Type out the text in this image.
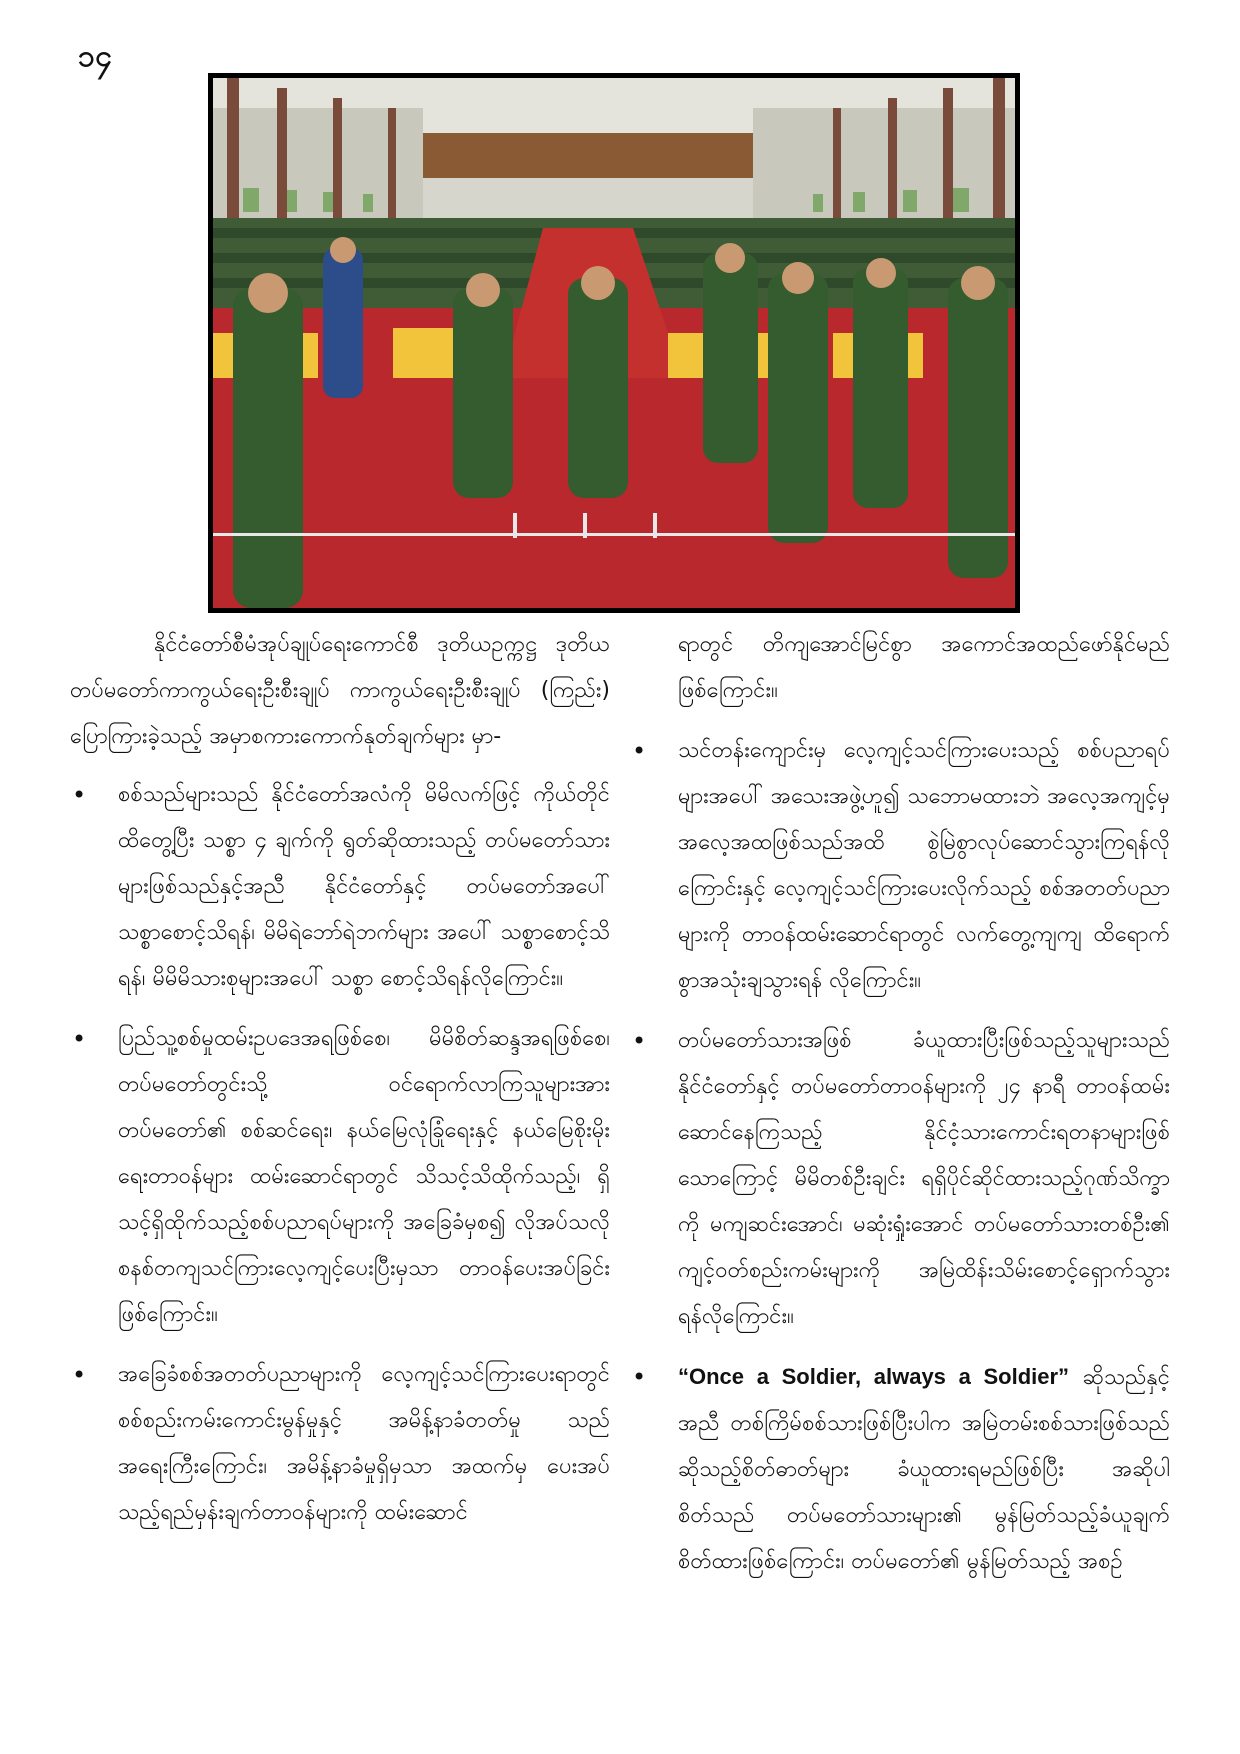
၁၄

နိုင်ငံတော်စီမံအုပ်ချုပ်ရေးကောင်စီ ဒုတိယဥက္ကဋ္ဌ ဒုတိယတပ်မတော်ကာကွယ်ရေးဦးစီးချုပ် ကာကွယ်ရေးဦးစီးချုပ် (ကြည်း) ပြောကြားခဲ့သည့် အမှာစကားကောက်နုတ်ချက်များ မှာ-

• စစ်သည်များသည် နိုင်ငံတော်အလံကို မိမိလက်ဖြင့် ကိုယ်တိုင်ထိတွေ့ပြီး သစ္စာ ၄ ချက်ကို ရွတ်ဆိုထားသည့် တပ်မတော်သားများဖြစ်သည်နှင့်အညီ နိုင်ငံတော်နှင့် တပ်မတော်အပေါ် သစ္စာစောင့်သိရန်၊ မိမိရဲဘော်ရဲဘက်များ အပေါ် သစ္စာစောင့်သိရန်၊ မိမိမိသားစုများအပေါ် သစ္စာ စောင့်သိရန်လိုကြောင်း။

• ပြည်သူ့စစ်မှုထမ်းဥပဒေအရဖြစ်စေ၊ မိမိစိတ်ဆန္ဒအရဖြစ်စေ၊ တပ်မတော်တွင်းသို့ ဝင်ရောက်လာကြသူများအား တပ်မတော်၏ စစ်ဆင်ရေး၊ နယ်မြေလုံခြုံရေးနှင့် နယ်မြေစိုးမိုးရေးတာဝန်များ ထမ်းဆောင်ရာတွင် သိသင့်သိထိုက်သည့်၊ ရှိသင့်ရှိထိုက်သည့်စစ်ပညာရပ်များကို အခြေခံမှစ၍ လိုအပ်သလို စနစ်တကျသင်ကြားလေ့ကျင့်ပေးပြီးမှသာ တာဝန်ပေးအပ်ခြင်းဖြစ်ကြောင်း။

• အခြေခံစစ်အတတ်ပညာများကို လေ့ကျင့်သင်ကြားပေးရာတွင် စစ်စည်းကမ်းကောင်းမွန်မှုနှင့် အမိန့်နာခံတတ်မှု သည်အရေးကြီးကြောင်း၊ အမိန့်နာခံမှုရှိမှသာ အထက်မှ ပေးအပ်သည့်ရည်မှန်းချက်တာဝန်များကို ထမ်းဆောင်

ရာတွင် တိကျအောင်မြင်စွာ အကောင်အထည်ဖော်နိုင်မည်ဖြစ်ကြောင်း။

• သင်တန်းကျောင်းမှ လေ့ကျင့်သင်ကြားပေးသည့် စစ်ပညာရပ်များအပေါ် အသေးအဖွဲ့ဟူ၍ သဘောမထားဘဲ အလေ့အကျင့်မှ အလေ့အထဖြစ်သည်အထိ စွဲမြဲစွာလုပ်ဆောင်သွားကြရန်လိုကြောင်းနှင့် လေ့ကျင့်သင်ကြားပေးလိုက်သည့် စစ်အတတ်ပညာများကို တာဝန်ထမ်းဆောင်ရာတွင် လက်တွေ့ကျကျ ထိရောက်စွာအသုံးချသွားရန် လိုကြောင်း။

• တပ်မတော်သားအဖြစ် ခံယူထားပြီးဖြစ်သည့်သူများသည် နိုင်ငံတော်နှင့် တပ်မတော်တာဝန်များကို ၂၄ နာရီ တာဝန်ထမ်းဆောင်နေကြသည့် နိုင်ငံ့သားကောင်းရတနာများဖြစ်သောကြောင့် မိမိတစ်ဦးချင်း ရရှိပိုင်ဆိုင်ထားသည့်ဂုဏ်သိက္ခာကို မကျဆင်းအောင်၊ မဆုံးရှုံးအောင် တပ်မတော်သားတစ်ဦး၏ ကျင့်ဝတ်စည်းကမ်းများကို အမြဲထိန်းသိမ်းစောင့်ရှောက်သွားရန်လိုကြောင်း။

• “Once a Soldier, always a Soldier” ဆိုသည်နှင့်အညီ တစ်ကြိမ်စစ်သားဖြစ်ပြီးပါက အမြဲတမ်းစစ်သားဖြစ်သည် ဆိုသည့်စိတ်ဓာတ်များ ခံယူထားရမည်ဖြစ်ပြီး အဆိုပါ စိတ်သည် တပ်မတော်သားများ၏ မွန်မြတ်သည့်ခံယူချက် စိတ်ထားဖြစ်ကြောင်း၊ တပ်မတော်၏ မွန်မြတ်သည့် အစဉ်
